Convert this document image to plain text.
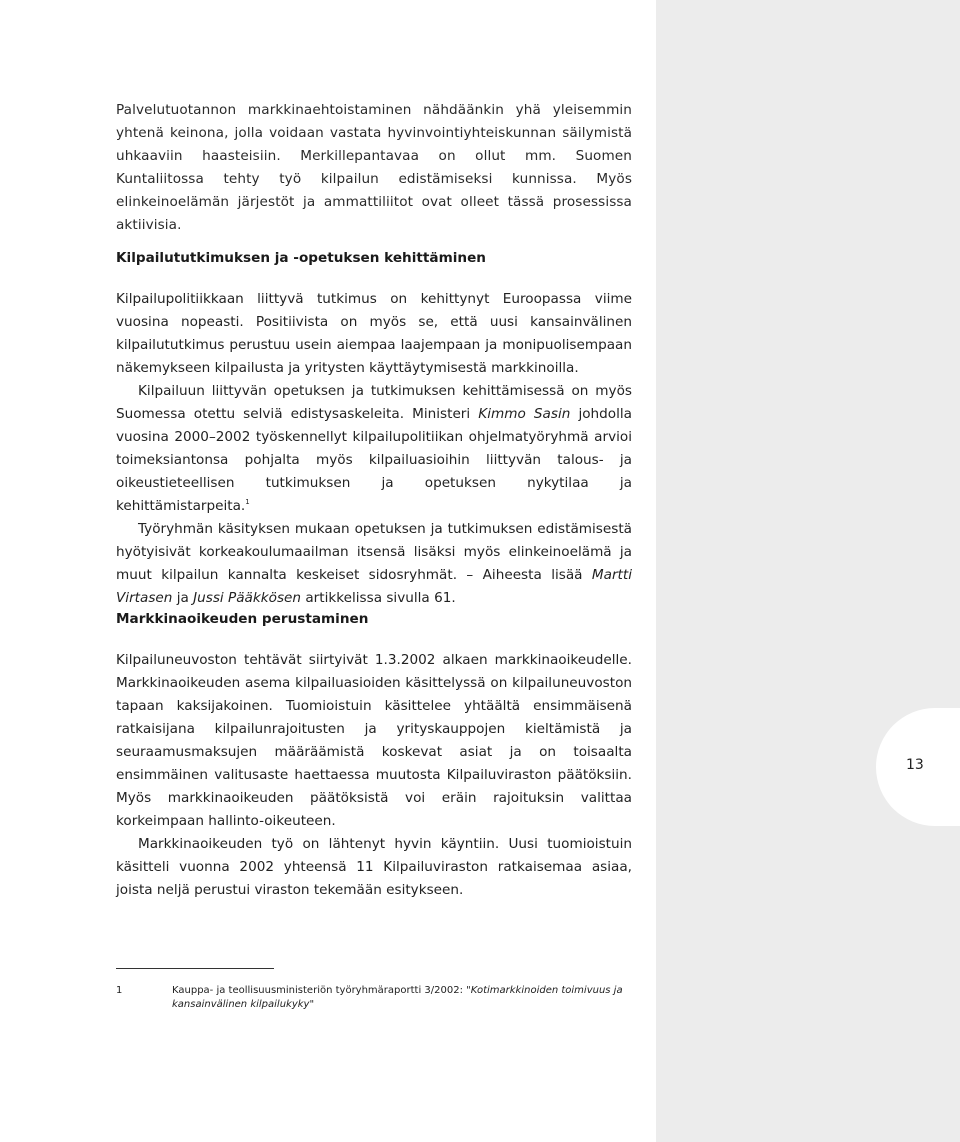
13

Palvelutuotannon markkinaehtoistaminen nähdäänkin yhä yleisemmin yhtenä keinona, jolla voidaan vastata hyvinvointiyhteiskunnan säilymistä uhkaaviin haasteisiin. Merkillepantavaa on ollut mm. Suomen Kuntaliitossa tehty työ kilpailun edistämiseksi kunnissa. Myös elinkeinoelämän järjestöt ja ammattiliitot ovat olleet tässä prosessissa aktiivisia.

Kilpailututkimuksen ja -opetuksen kehittäminen

Kilpailupolitiikkaan liittyvä tutkimus on kehittynyt Euroopassa viime vuosina nopeasti. Positiivista on myös se, että uusi kansainvälinen kilpailututkimus perustuu usein aiempaa laajempaan ja monipuolisempaan näkemykseen kilpailusta ja yritysten käyttäytymisestä markkinoilla.

Kilpailuun liittyvän opetuksen ja tutkimuksen kehittämisessä on myös Suomessa otettu selviä edistysaskeleita. Ministeri Kimmo Sasin johdolla vuosina 2000–2002 työskennellyt kilpailupolitiikan ohjelmatyöryhmä arvioi toimeksiantonsa pohjalta myös kilpailuasioihin liittyvän talous- ja oikeustieteellisen tutkimuksen ja opetuksen nykytilaa ja kehittämistarpeita.$^1$

Työryhmän käsityksen mukaan opetuksen ja tutkimuksen edistämisestä hyötyisivät korkeakoulumaailman itsensä lisäksi myös elinkeinoelämä ja muut kilpailun kannalta keskeiset sidosryhmät. – Aiheesta lisää Martti Virtasen ja Jussi Pääkkösen artikkelissa sivulla 61.

Markkinaoikeuden perustaminen

Kilpailuneuvoston tehtävät siirtyivät 1.3.2002 alkaen markkinaoikeudelle. Markkinaoikeuden asema kilpailuasioiden käsittelyssä on kilpailuneuvoston tapaan kaksijakoinen. Tuomioistuin käsittelee yhtäältä ensimmäisenä ratkaisijana kilpailunrajoitusten ja yrityskauppojen kieltämistä ja seuraamusmaksujen määräämistä koskevat asiat ja on toisaalta ensimmäinen valitusaste haettaessa muutosta Kilpailuviraston päätöksiin. Myös markkinaoikeuden päätöksistä voi eräin rajoituksin valittaa korkeimpaan hallinto-oikeuteen.

Markkinaoikeuden työ on lähtenyt hyvin käyntiin. Uusi tuomioistuin käsitteli vuonna 2002 yhteensä 11 Kilpailuviraston ratkaisemaa asiaa, joista neljä perustui viraston tekemään esitykseen.

1	Kauppa- ja teollisuusministeriön työryhmäraportti 3/2002: "Kotimarkkinoiden toimivuus ja kansainvälinen kilpailukyky"
